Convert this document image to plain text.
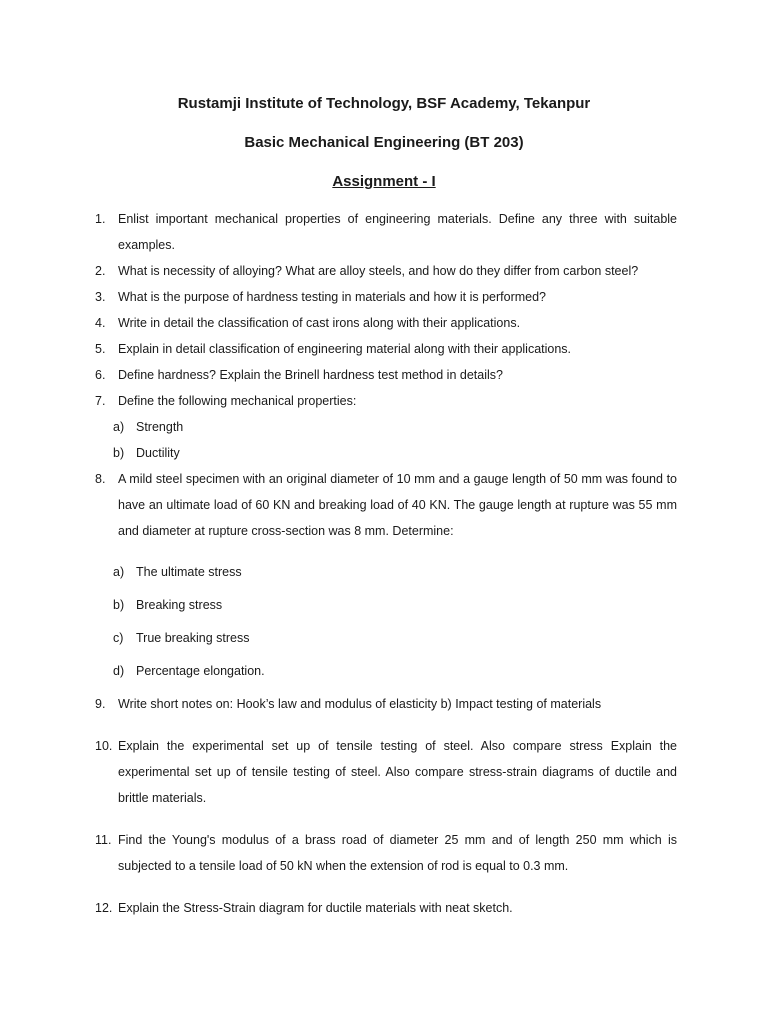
Rustamji Institute of Technology, BSF Academy, Tekanpur

Basic Mechanical Engineering (BT 203)

Assignment - I

1.	Enlist important mechanical properties of engineering materials. Define any three with suitable examples.
2.	What is necessity of alloying? What are alloy steels, and how do they differ from carbon steel?
3.	What is the purpose of hardness testing in materials and how it is performed?
4.	Write in detail the classification of cast irons along with their applications.
5.	Explain in detail classification of engineering material along with their applications.
6.	Define hardness? Explain the Brinell hardness test method in details?
7.	Define the following mechanical properties:
a) Strength
b) Ductility
8.	A mild steel specimen with an original diameter of 10 mm and a gauge length of 50 mm was found to have an ultimate load of 60 KN and breaking load of 40 KN. The gauge length at rupture was 55 mm and diameter at rupture cross-section was 8 mm. Determine:
a) The ultimate stress
b) Breaking stress
c)	True breaking stress
d) Percentage elongation.
9.	Write short notes on: Hook’s law and modulus of elasticity b) Impact testing of materials
10. Explain the experimental set up of tensile testing of steel. Also compare stress Explain the experimental set up of tensile testing of steel. Also compare stress-strain diagrams of ductile and brittle materials.
11. Find the Young's modulus of a brass road of diameter 25 mm and of length 250 mm which is subjected to a tensile load of 50 kN when the extension of rod is equal to 0.3 mm.
12. Explain the Stress-Strain diagram for ductile materials with neat sketch.
